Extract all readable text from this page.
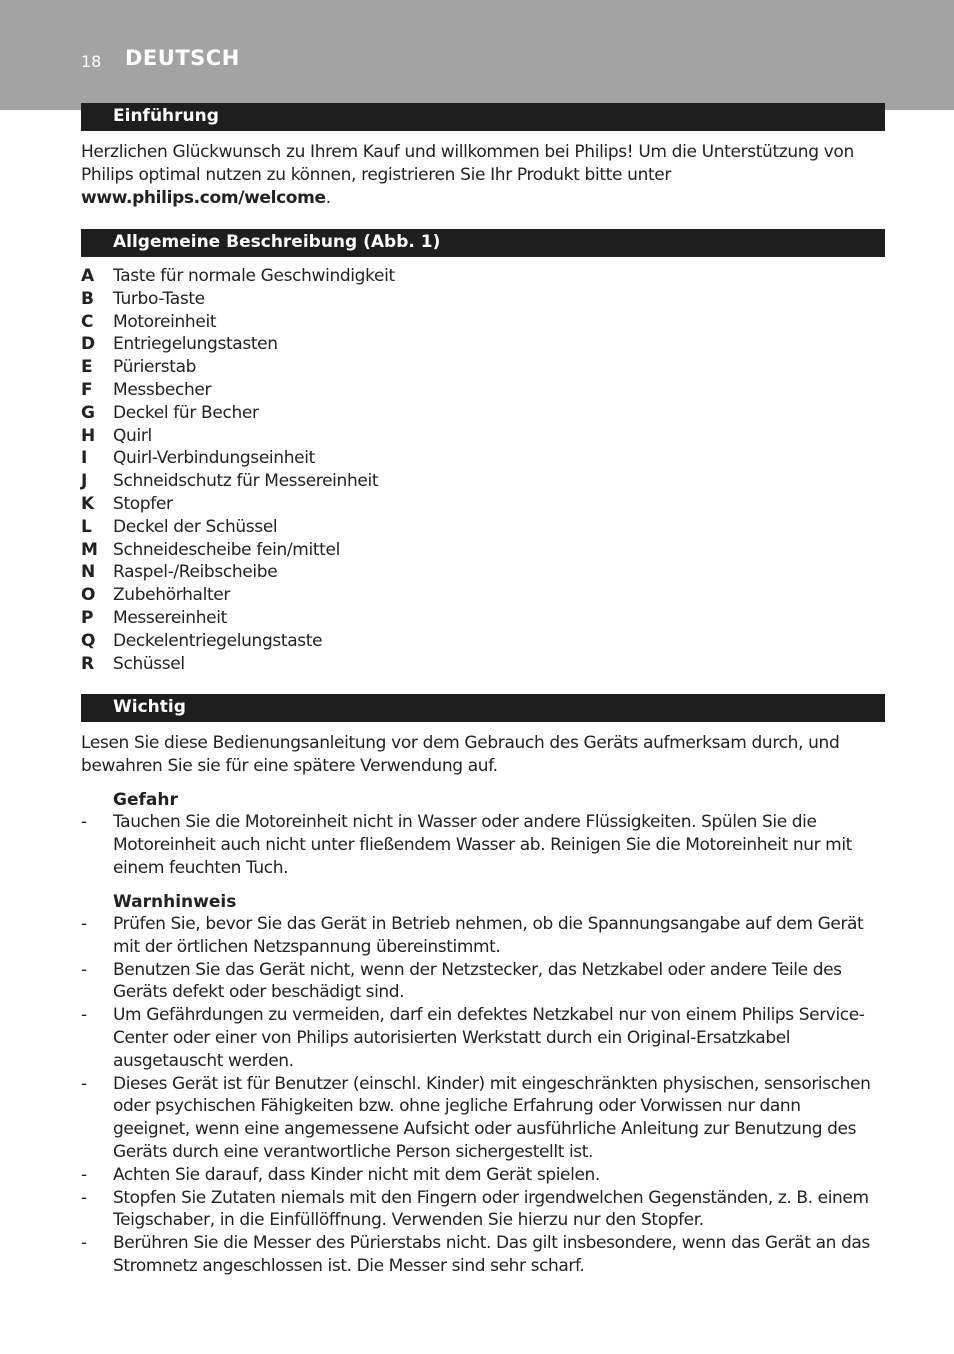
18 DEUTSCH
Einführung

Herzlichen Glückwunsch zu Ihrem Kauf und willkommen bei Philips! Um die Unterstützung von Philips optimal nutzen zu können, registrieren Sie Ihr Produkt bitte unter www.philips.com/welcome.

Allgemeine Beschreibung (Abb. 1)
A Taste für normale Geschwindigkeit
B Turbo-Taste
C Motoreinheit
D Entriegelungstasten
E Pürierstab
F Messbecher
G Deckel für Becher
H Quirl
I Quirl-Verbindungseinheit
J Schneidschutz für Messereinheit
K Stopfer
L Deckel der Schüssel
M Schneidescheibe fein/mittel
N Raspel-/Reibscheibe
O Zubehörhalter
P Messereinheit
Q Deckelentriegelungstaste
R Schüssel
Wichtig

Lesen Sie diese Bedienungsanleitung vor dem Gebrauch des Geräts aufmerksam durch, und bewahren Sie sie für eine spätere Verwendung auf.

Gefahr
- Tauchen Sie die Motoreinheit nicht in Wasser oder andere Flüssigkeiten. Spülen Sie die Motoreinheit auch nicht unter fließendem Wasser ab. Reinigen Sie die Motoreinheit nur mit einem feuchten Tuch.
Warnhinweis
- Prüfen Sie, bevor Sie das Gerät in Betrieb nehmen, ob die Spannungsangabe auf dem Gerät mit der örtlichen Netzspannung übereinstimmt.
- Benutzen Sie das Gerät nicht, wenn der Netzstecker, das Netzkabel oder andere Teile des Geräts defekt oder beschädigt sind.
- Um Gefährdungen zu vermeiden, darf ein defektes Netzkabel nur von einem Philips Service-Center oder einer von Philips autorisierten Werkstatt durch ein Original-Ersatzkabel ausgetauscht werden.
- Dieses Gerät ist für Benutzer (einschl. Kinder) mit eingeschränkten physischen, sensorischen oder psychischen Fähigkeiten bzw. ohne jegliche Erfahrung oder Vorwissen nur dann geeignet, wenn eine angemessene Aufsicht oder ausführliche Anleitung zur Benutzung des Geräts durch eine verantwortliche Person sichergestellt ist.
- Achten Sie darauf, dass Kinder nicht mit dem Gerät spielen.
- Stopfen Sie Zutaten niemals mit den Fingern oder irgendwelchen Gegenständen, z. B. einem Teigschaber, in die Einfüllöffnung. Verwenden Sie hierzu nur den Stopfer.
- Berühren Sie die Messer des Pürierstabs nicht. Das gilt insbesondere, wenn das Gerät an das Stromnetz angeschlossen ist. Die Messer sind sehr scharf.
